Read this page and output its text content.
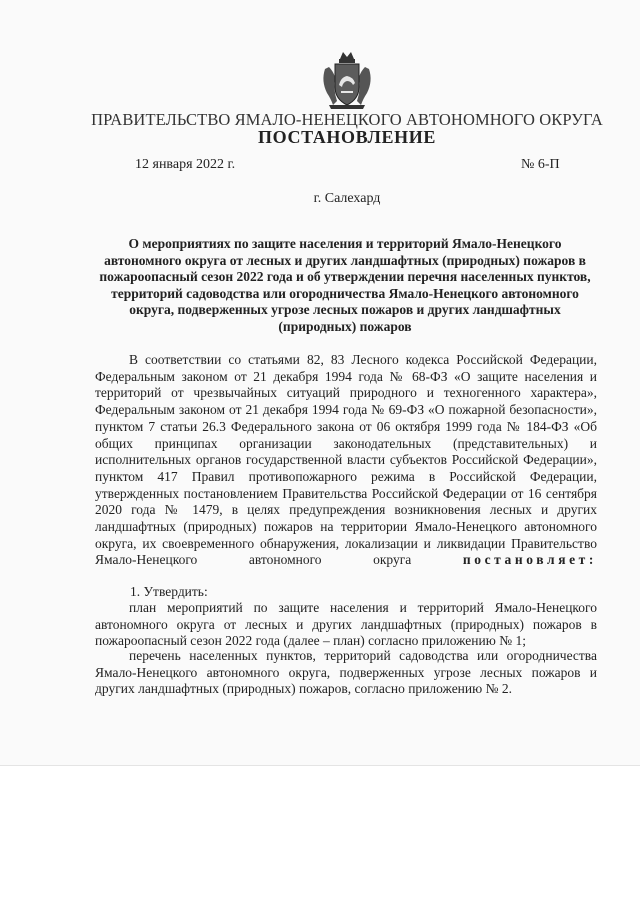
ПРАВИТЕЛЬСТВО ЯМАЛО-НЕНЕЦКОГО АВТОНОМНОГО ОКРУГА
ПОСТАНОВЛЕНИЕ
12 января 2022 г.	№ 6-П
г. Салехард
О мероприятиях по защите населения и территорий Ямало-Ненецкого автономного округа от лесных и других ландшафтных (природных) пожаров в пожароопасный сезон 2022 года и об утверждении перечня населенных пунктов, территорий садоводства или огородничества Ямало-Ненецкого автономного округа, подверженных угрозе лесных пожаров и других ландшафтных (природных) пожаров
В соответствии со статьями 82, 83 Лесного кодекса Российской Федерации, Федеральным законом от 21 декабря 1994 года № 68-ФЗ «О защите населения и территорий от чрезвычайных ситуаций природного и техногенного характера», Федеральным законом от 21 декабря 1994 года № 69-ФЗ «О пожарной безопасности», пунктом 7 статьи 26.3 Федерального закона от 06 октября 1999 года № 184-ФЗ «Об общих принципах организации законодательных (представительных) и исполнительных органов государственной власти субъектов Российской Федерации», пунктом 417 Правил противопожарного режима в Российской Федерации, утвержденных постановлением Правительства Российской Федерации от 16 сентября 2020 года № 1479, в целях предупреждения возникновения лесных и других ландшафтных (природных) пожаров на территории Ямало-Ненецкого автономного округа, их своевременного обнаружения, локализации и ликвидации Правительство Ямало-Ненецкого автономного округа	постановляет:
1. Утвердить:
план мероприятий по защите населения и территорий Ямало-Ненецкого автономного округа от лесных и других ландшафтных (природных) пожаров в пожароопасный сезон 2022 года (далее – план) согласно приложению № 1;
перечень населенных пунктов, территорий садоводства или огородничества Ямало-Ненецкого автономного округа, подверженных угрозе лесных пожаров и других ландшафтных (природных) пожаров, согласно приложению № 2.
